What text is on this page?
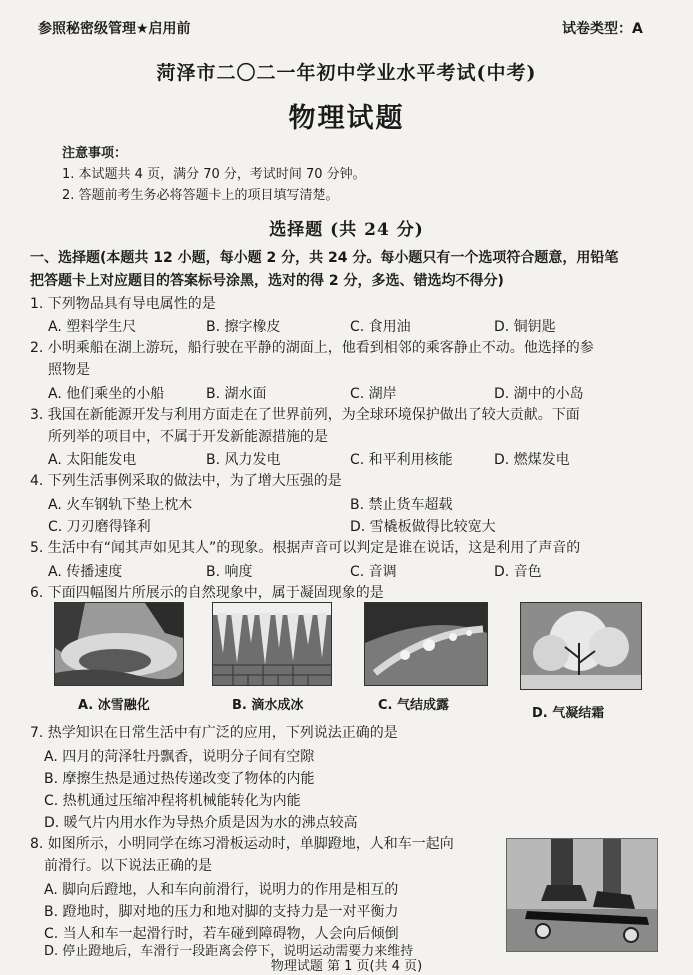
参照秘密级管理★启用前	试卷类型：A
菏泽市二〇二一年初中学业水平考试(中考)
物理试题
注意事项：
1. 本试题共 4 页，满分 70 分，考试时间 70 分钟。
2. 答题前考生务必将答题卡上的项目填写清楚。
选择题 (共 24 分)
一、选择题(本题共 12 小题，每小题 2 分，共 24 分。每小题只有一个选项符合题意，用铅笔
把答题卡上对应题目的答案标号涂黑，选对的得 2 分，多选、错选均不得分)
1. 下列物品具有导电属性的是
A. 塑料学生尺	B. 擦字橡皮	C. 食用油	D. 铜钥匙
2. 小明乘船在湖上游玩，船行驶在平静的湖面上，他看到相邻的乘客静止不动。他选择的参
照物是
A. 他们乘坐的小船	B. 湖水面	C. 湖岸	D. 湖中的小岛
3. 我国在新能源开发与利用方面走在了世界前列，为全球环境保护做出了较大贡献。下面
所列举的项目中，不属于开发新能源措施的是
A. 太阳能发电	B. 风力发电	C. 和平利用核能	D. 燃煤发电
4. 下列生活事例采取的做法中，为了增大压强的是
A. 火车钢轨下垫上枕木	B. 禁止货车超载
C. 刀刃磨得锋利	D. 雪橇板做得比较宽大
5. 生活中有“闻其声如见其人”的现象。根据声音可以判定是谁在说话，这是利用了声音的
A. 传播速度	B. 响度	C. 音调	D. 音色
6. 下面四幅图片所展示的自然现象中，属于凝固现象的是
A. 冰雪融化	B. 滴水成冰	C. 气结成露
D. 气凝结霜
7. 热学知识在日常生活中有广泛的应用，下列说法正确的是
A. 四月的菏泽牡丹飘香，说明分子间有空隙
B. 摩擦生热是通过热传递改变了物体的内能
C. 热机通过压缩冲程将机械能转化为内能
D. 暖气片内用水作为导热介质是因为水的沸点较高
8. 如图所示，小明同学在练习滑板运动时，单脚蹬地，人和车一起向
前滑行。以下说法正确的是
A. 脚向后蹬地，人和车向前滑行，说明力的作用是相互的
B. 蹬地时，脚对地的压力和地对脚的支持力是一对平衡力
C. 当人和车一起滑行时，若车碰到障碍物，人会向后倾倒
D. 停止蹬地后，车滑行一段距离会停下，说明运动需要力来维持
物理试题 第 1 页(共 4 页)
